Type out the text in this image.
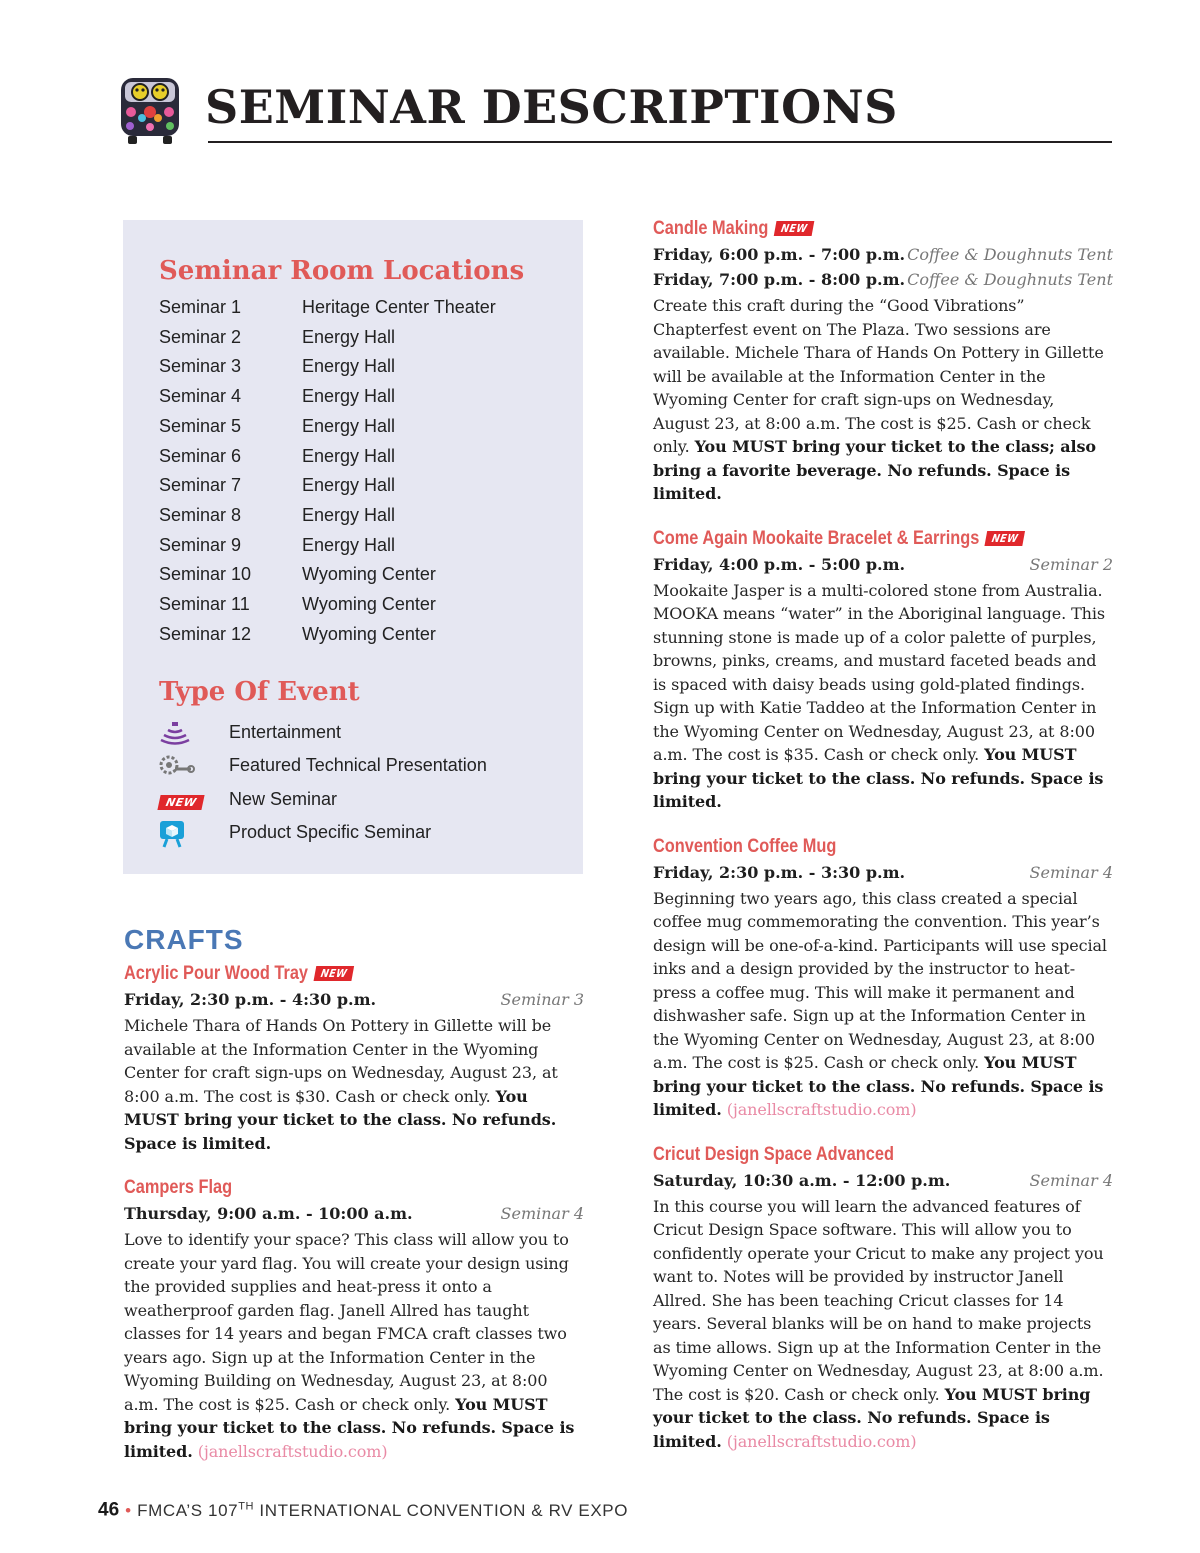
SEMINAR DESCRIPTIONS
Seminar Room Locations
Seminar 1	Heritage Center Theater
Seminar 2	Energy Hall
Seminar 3	Energy Hall
Seminar 4	Energy Hall
Seminar 5	Energy Hall
Seminar 6	Energy Hall
Seminar 7	Energy Hall
Seminar 8	Energy Hall
Seminar 9	Energy Hall
Seminar 10	Wyoming Center
Seminar 11	Wyoming Center
Seminar 12	Wyoming Center
Type Of Event
Entertainment
Featured Technical Presentation
NEW New Seminar
Product Specific Seminar
CRAFTS
Acrylic Pour Wood Tray NEW
Friday, 2:30 p.m. - 4:30 p.m.	Seminar 3
Michele Thara of Hands On Pottery in Gillette will be available at the Information Center in the Wyoming Center for craft sign-ups on Wednesday, August 23, at 8:00 a.m. The cost is $30. Cash or check only. You MUST bring your ticket to the class. No refunds. Space is limited.
Campers Flag
Thursday, 9:00 a.m. - 10:00 a.m.	Seminar 4
Love to identify your space? This class will allow you to create your yard flag. You will create your design using the provided supplies and heat-press it onto a weatherproof garden flag. Janell Allred has taught classes for 14 years and began FMCA craft classes two years ago. Sign up at the Information Center in the Wyoming Building on Wednesday, August 23, at 8:00 a.m. The cost is $25. Cash or check only. You MUST bring your ticket to the class. No refunds. Space is limited. (janellscraftstudio.com)
Candle Making NEW
Friday, 6:00 p.m. - 7:00 p.m. Coffee & Doughnuts Tent
Friday, 7:00 p.m. - 8:00 p.m. Coffee & Doughnuts Tent
Create this craft during the “Good Vibrations” Chapterfest event on The Plaza. Two sessions are available. Michele Thara of Hands On Pottery in Gillette will be available at the Information Center in the Wyoming Center for craft sign-ups on Wednesday, August 23, at 8:00 a.m. The cost is $25. Cash or check only. You MUST bring your ticket to the class; also bring a favorite beverage. No refunds. Space is limited.
Come Again Mookaite Bracelet & Earrings NEW
Friday, 4:00 p.m. - 5:00 p.m.	Seminar 2
Mookaite Jasper is a multi-colored stone from Australia. MOOKA means “water” in the Aboriginal language. This stunning stone is made up of a color palette of purples, browns, pinks, creams, and mustard faceted beads and is spaced with daisy beads using gold-plated findings. Sign up with Katie Taddeo at the Information Center in the Wyoming Center on Wednesday, August 23, at 8:00 a.m. The cost is $35. Cash or check only. You MUST bring your ticket to the class. No refunds. Space is limited.
Convention Coffee Mug
Friday, 2:30 p.m. - 3:30 p.m.	Seminar 4
Beginning two years ago, this class created a special coffee mug commemorating the convention. This year’s design will be one-of-a-kind. Participants will use special inks and a design provided by the instructor to heat-press a coffee mug. This will make it permanent and dishwasher safe. Sign up at the Information Center in the Wyoming Center on Wednesday, August 23, at 8:00 a.m. The cost is $25. Cash or check only. You MUST bring your ticket to the class. No refunds. Space is limited. (janellscraftstudio.com)
Cricut Design Space Advanced
Saturday, 10:30 a.m. - 12:00 p.m.	Seminar 4
In this course you will learn the advanced features of Cricut Design Space software. This will allow you to confidently operate your Cricut to make any project you want to. Notes will be provided by instructor Janell Allred. She has been teaching Cricut classes for 14 years. Several blanks will be on hand to make projects as time allows. Sign up at the Information Center in the Wyoming Center on Wednesday, August 23, at 8:00 a.m. The cost is $20. Cash or check only. You MUST bring your ticket to the class. No refunds. Space is limited. (janellscraftstudio.com)
46 • FMCA’S 107TH INTERNATIONAL CONVENTION & RV EXPO
